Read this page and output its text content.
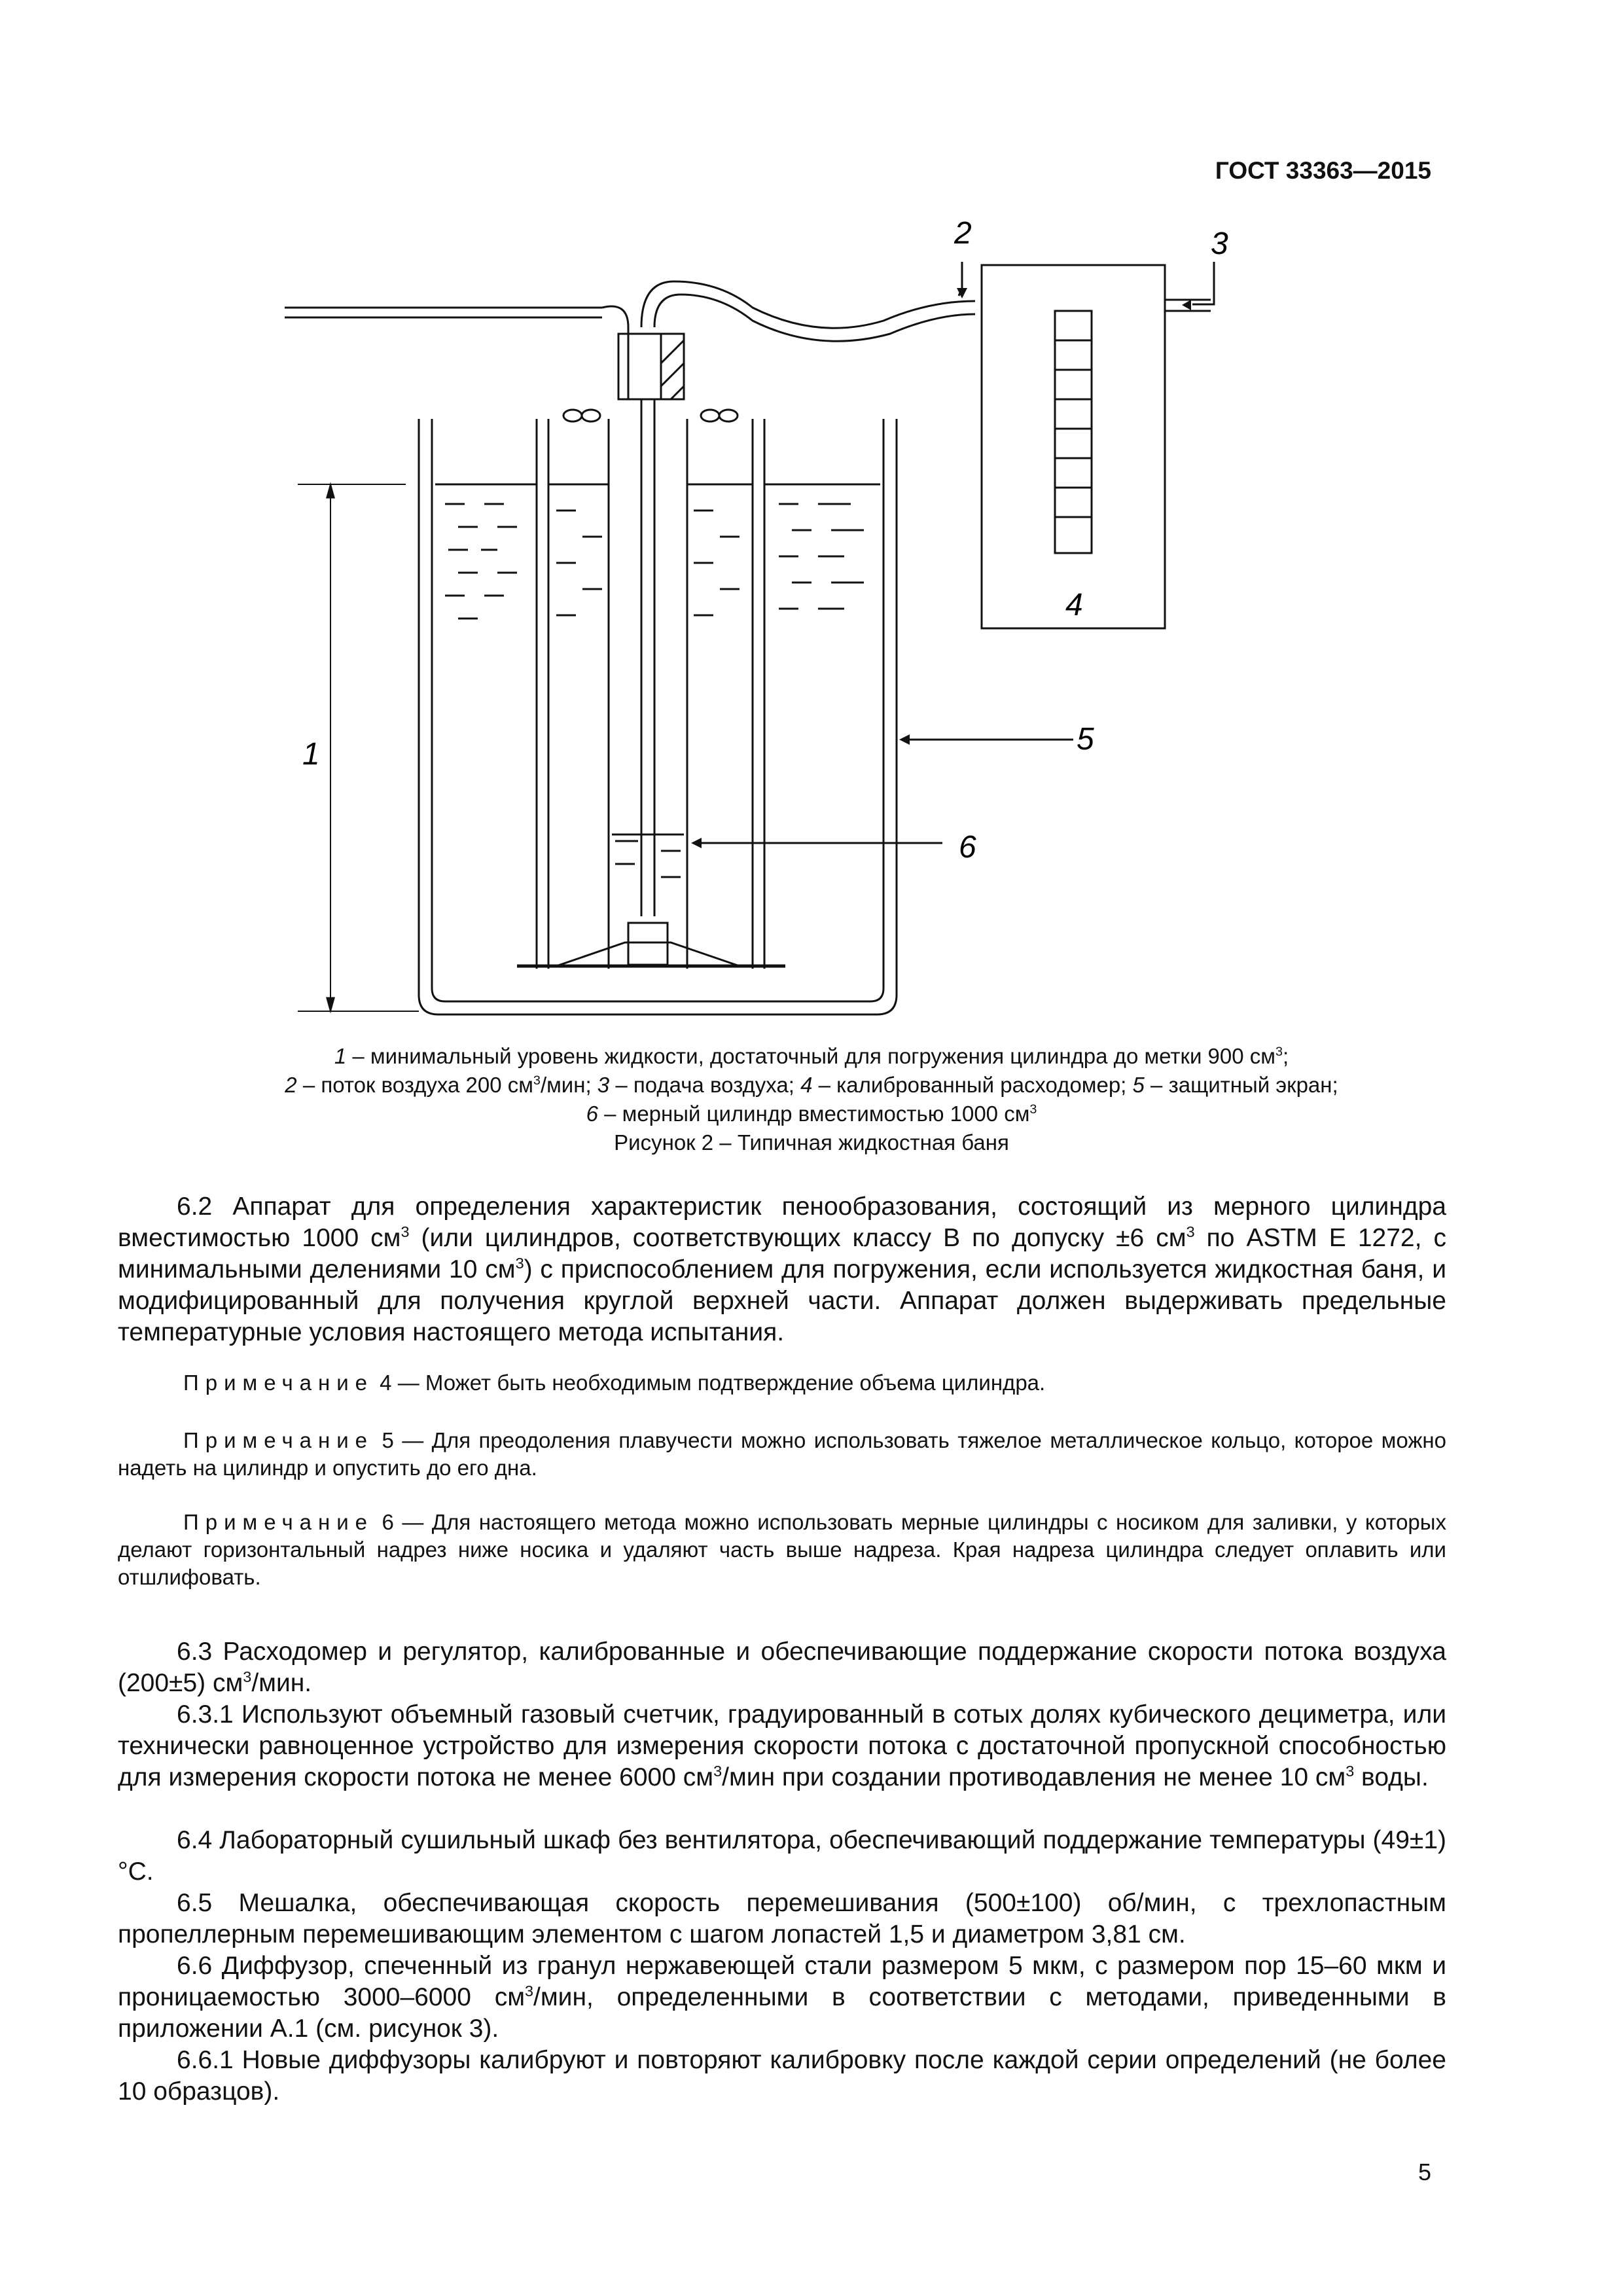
ГОСТ 33363—2015
1
2	3
4
5
6
1 – минимальный уровень жидкости, достаточный для погружения цилиндра до метки 900 $см^3$;
2 – поток воздуха 200 $см^3$/мин; 3 – подача воздуха; 4 – калиброванный расходомер; 5 – защитный экран;
6 – мерный цилиндр вместимостью 1000 $см^3$
Рисунок 2 – Типичная жидкостная баня
6.2 Аппарат для определения характеристик пенообразования, состоящий из мерного цилиндра вместимостью 1000 $см^3$ (или цилиндров, соответствующих классу B по допуску ±6 $см^3$ по ASTM E 1272, с минимальными делениями 10 $см^3$) с приспособлением для погружения, если используется жидкостная баня, и модифицированный для получения круглой верхней части. Аппарат должен выдерживать предельные температурные условия настоящего метода испытания.
Примечание 4 — Может быть необходимым подтверждение объема цилиндра.
Примечание 5 — Для преодоления плавучести можно использовать тяжелое металлическое кольцо, которое можно надеть на цилиндр и опустить до его дна.
Примечание 6 — Для настоящего метода можно использовать мерные цилиндры с носиком для заливки, у которых делают горизонтальный надрез ниже носика и удаляют часть выше надреза. Края надреза цилиндра следует оплавить или отшлифовать.
6.3 Расходомер и регулятор, калиброванные и обеспечивающие поддержание скорости потока воздуха (200±5) $см^3$/мин.
6.3.1 Используют объемный газовый счетчик, градуированный в сотых долях кубического дециметра, или технически равноценное устройство для измерения скорости потока с достаточной пропускной способностью для измерения скорости потока не менее 6000 $см^3$/мин при создании противодавления не менее 10 $см^3$ воды.
6.4 Лабораторный сушильный шкаф без вентилятора, обеспечивающий поддержание температуры (49±1) °С.
6.5 Мешалка, обеспечивающая скорость перемешивания (500±100) об/мин, с трехлопастным пропеллерным перемешивающим элементом с шагом лопастей 1,5 и диаметром 3,81 см.
6.6 Диффузор, спеченный из гранул нержавеющей стали размером 5 мкм, с размером пор 15–60 мкм и проницаемостью 3000–6000 $см^3$/мин, определенными в соответствии с методами, приведенными в приложении А.1 (см. рисунок 3).
6.6.1 Новые диффузоры калибруют и повторяют калибровку после каждой серии определений (не более 10 образцов).
5
